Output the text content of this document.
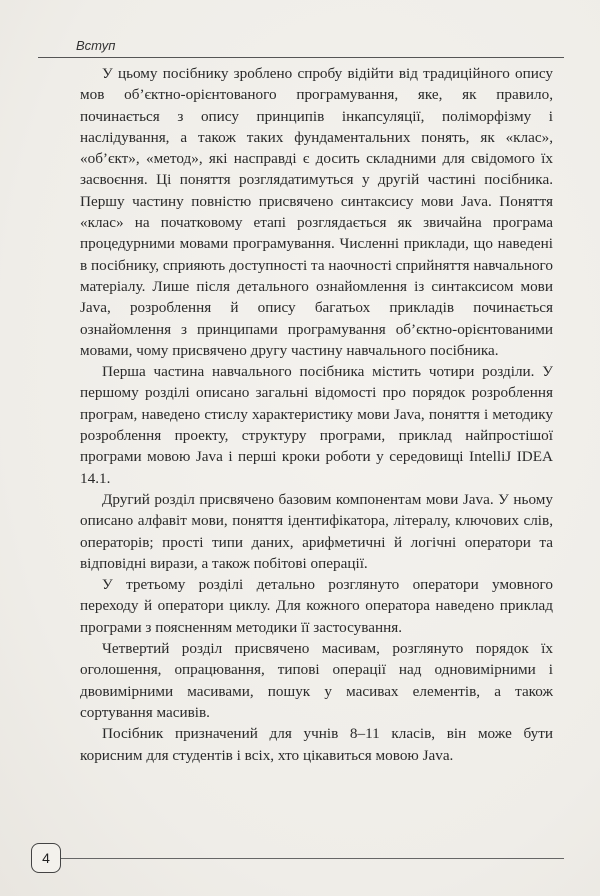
Вступ

У цьому посібнику зроблено спробу відійти від традиційного опису мов об’єктно-орієнтованого програмування, яке, як правило, починається з опису принципів інкапсуляції, поліморфізму і наслідування, а також таких фундаментальних понять, як «клас», «об’єкт», «метод», які насправді є досить складними для свідомого їх засвоєння. Ці поняття розглядатимуться у другій частині посібника. Першу частину повністю присвячено синтаксису мови Java. Поняття «клас» на початковому етапі розглядається як звичайна програма процедурними мовами програмування. Численні приклади, що наведені в посібнику, сприяють доступності та наочності сприйняття навчального матеріалу. Лише після детального ознайомлення із синтаксисом мови Java, розроблення й опису багатьох прикладів починається ознайомлення з принципами програмування об’єктно-орієнтованими мовами, чому присвячено другу частину навчального посібника.

Перша частина навчального посібника містить чотири розділи. У першому розділі описано загальні відомості про порядок розроблення програм, наведено стислу характеристику мови Java, поняття і методику розроблення проекту, структуру програми, приклад найпростішої програми мовою Java і перші кроки роботи у середовищі IntelliJ IDEA 14.1.

Другий розділ присвячено базовим компонентам мови Java. У ньому описано алфавіт мови, поняття ідентифікатора, літералу, ключових слів, операторів; прості типи даних, арифметичні й логічні оператори та відповідні вирази, а також побітові операції.

У третьому розділі детально розглянуто оператори умовного переходу й оператори циклу. Для кожного оператора наведено приклад програми з поясненням методики її застосування.

Четвертий розділ присвячено масивам, розглянуто порядок їх оголошення, опрацювання, типові операції над одновимірними і двовимірними масивами, пошук у масивах елементів, а також сортування масивів.

Посібник призначений для учнів 8–11 класів, він може бути корисним для студентів і всіх, хто цікавиться мовою Java.

4
